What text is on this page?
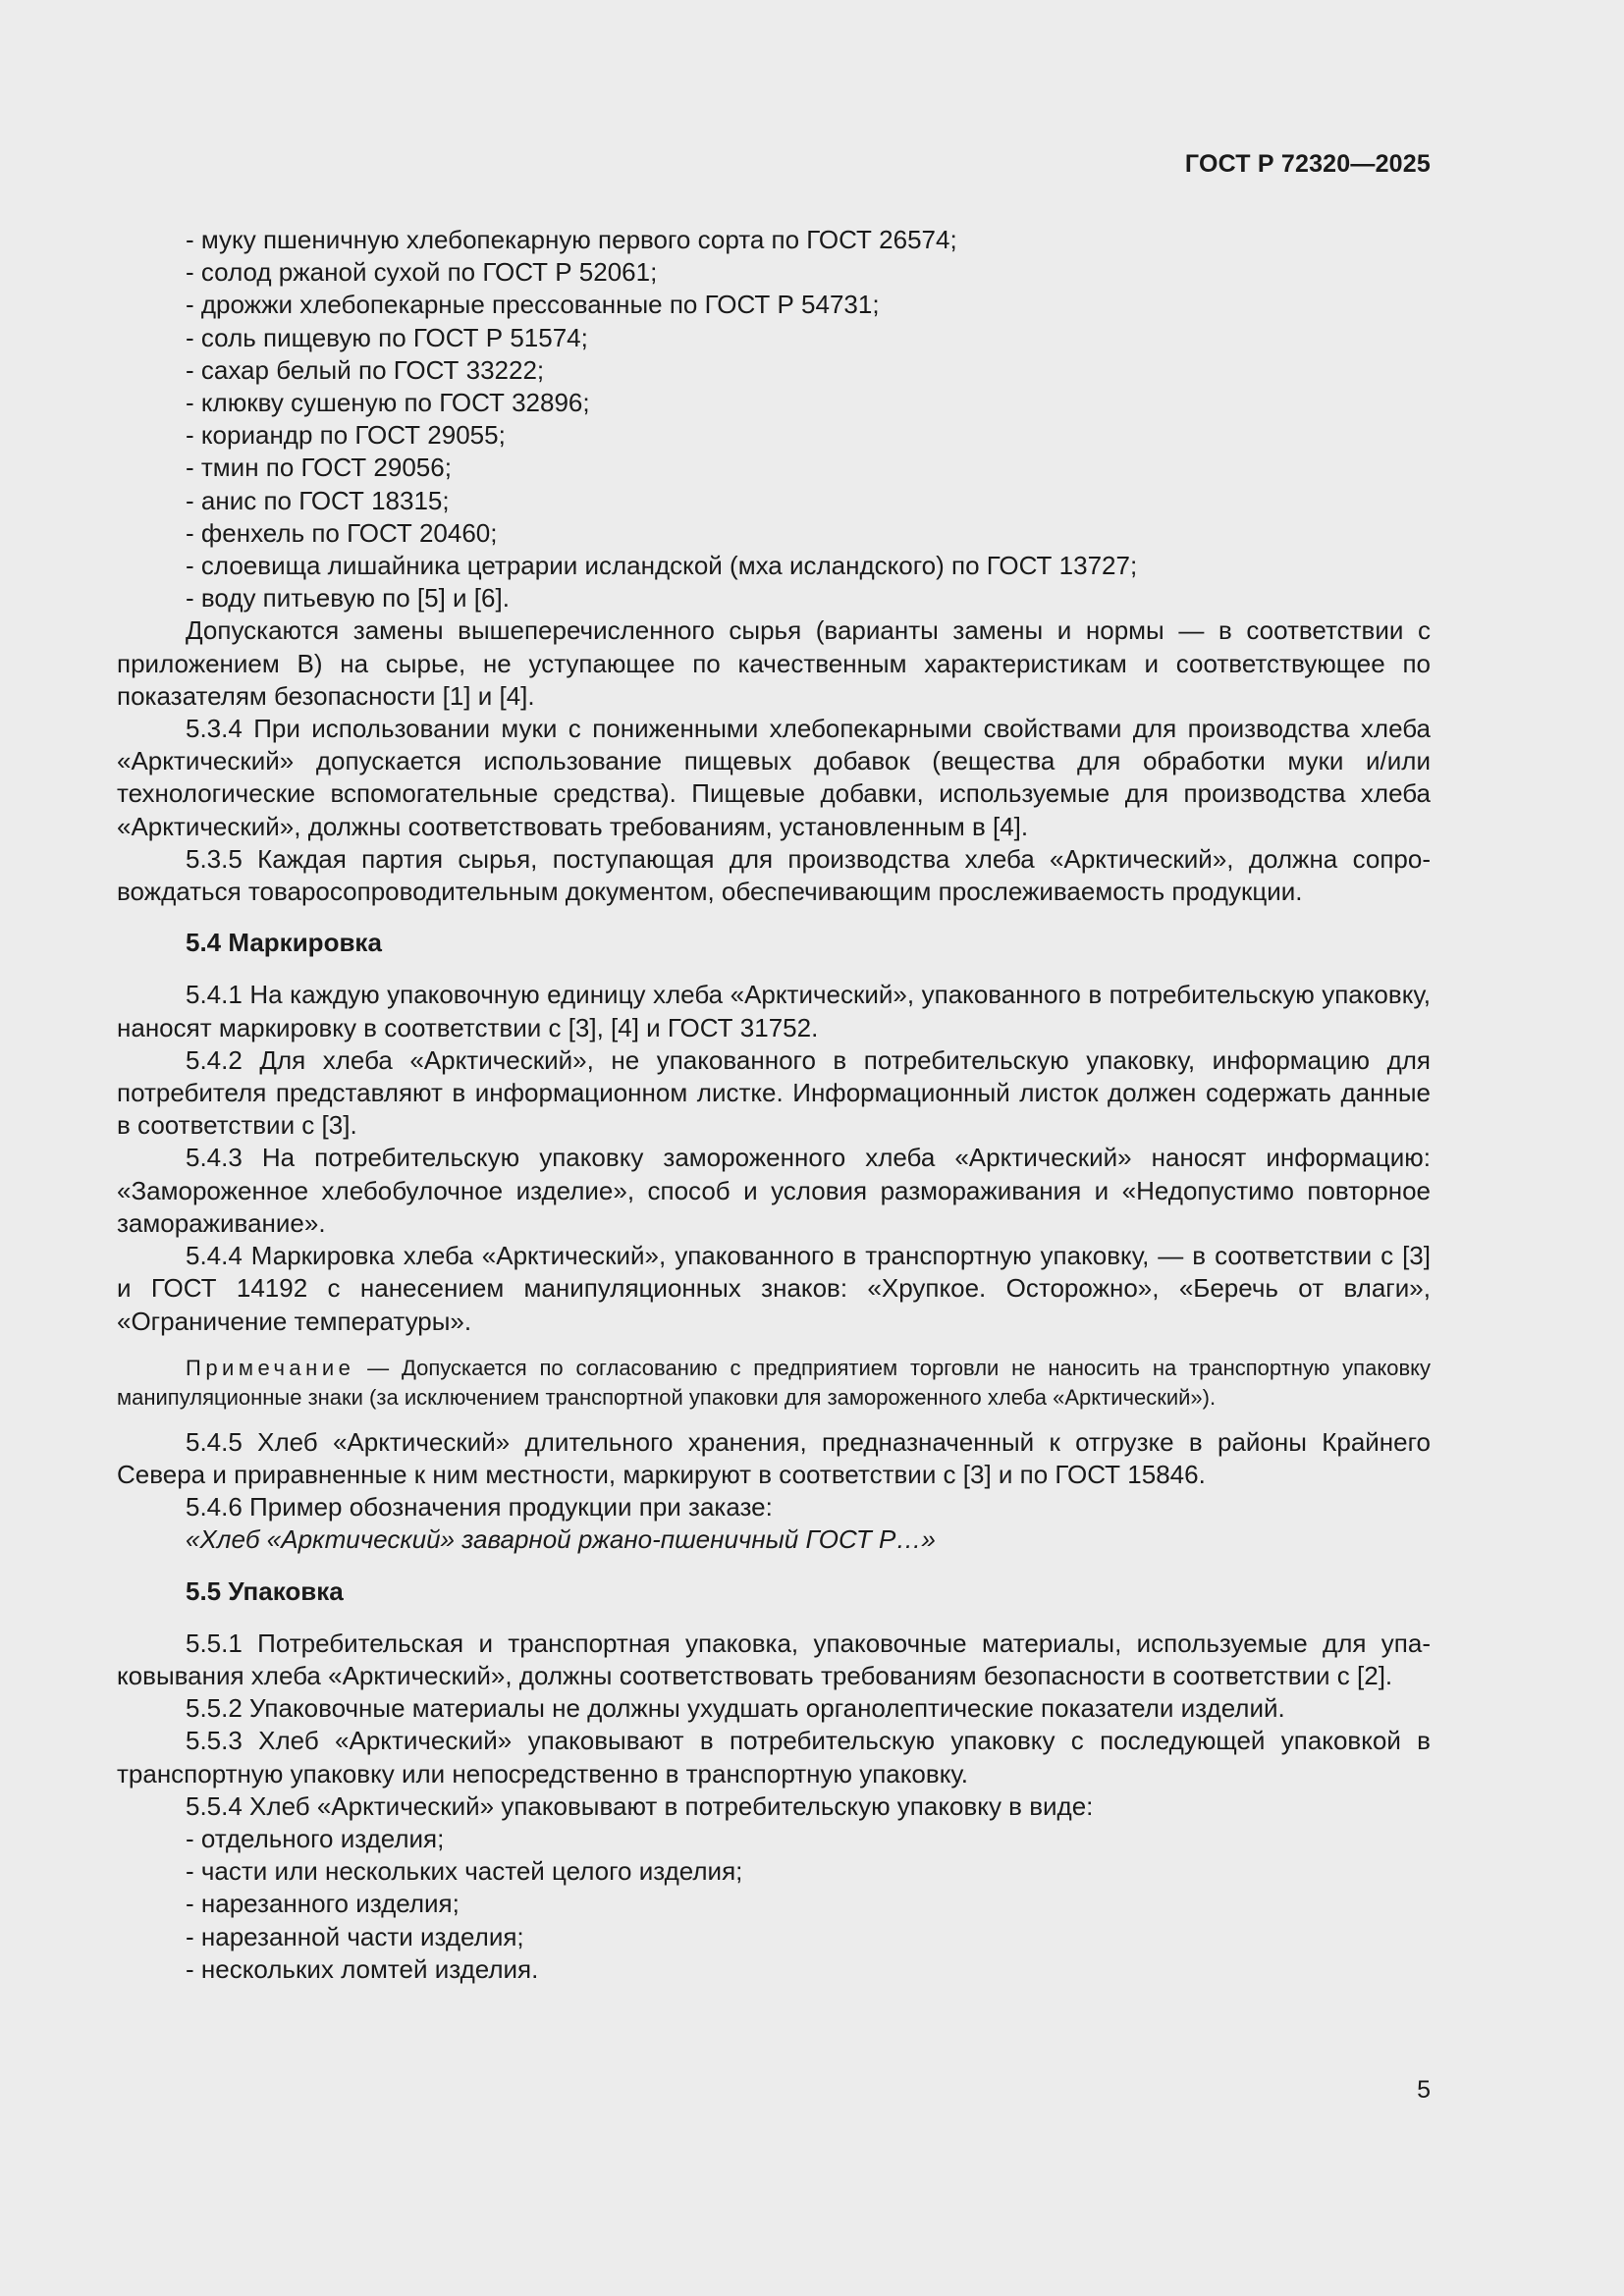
ГОСТ Р 72320—2025
- муку пшеничную хлебопекарную первого сорта по ГОСТ 26574;
- солод ржаной сухой по ГОСТ Р 52061;
- дрожжи хлебопекарные прессованные по ГОСТ Р 54731;
- соль пищевую по ГОСТ Р 51574;
- сахар белый по ГОСТ 33222;
- клюкву сушеную по ГОСТ 32896;
- кориандр по ГОСТ 29055;
- тмин по ГОСТ 29056;
- анис по ГОСТ 18315;
- фенхель по ГОСТ 20460;
- слоевища лишайника цетрарии исландской (мха исландского) по ГОСТ 13727;
- воду питьевую по [5] и [6].

Допускаются замены вышеперечисленного сырья (варианты замены и нормы — в соответствии с приложением В) на сырье, не уступающее по качественным характеристикам и соответствующее по показателям безопасности [1] и [4].

5.3.4 При использовании муки с пониженными хлебопекарными свойствами для производства хлеба «Арктический» допускается использование пищевых добавок (вещества для обработки муки и/или технологические вспомогательные средства). Пищевые добавки, используемые для производства хлеба «Арктический», должны соответствовать требованиям, установленным в [4].

5.3.5 Каждая партия сырья, поступающая для производства хлеба «Арктический», должна сопровождаться товаросопроводительным документом, обеспечивающим прослеживаемость продукции.

5.4 Маркировка

5.4.1 На каждую упаковочную единицу хлеба «Арктический», упакованного в потребительскую упаковку, наносят маркировку в соответствии с [3], [4] и ГОСТ 31752.

5.4.2 Для хлеба «Арктический», не упакованного в потребительскую упаковку, информацию для потребителя представляют в информационном листке. Информационный листок должен содержать данные в соответствии с [3].

5.4.3 На потребительскую упаковку замороженного хлеба «Арктический» наносят информацию: «Замороженное хлебобулочное изделие», способ и условия размораживания и «Недопустимо повторное замораживание».

5.4.4 Маркировка хлеба «Арктический», упакованного в транспортную упаковку, — в соответствии с [3] и ГОСТ 14192 с нанесением манипуляционных знаков: «Хрупкое. Осторожно», «Беречь от влаги», «Ограничение температуры».

Примечание — Допускается по согласованию с предприятием торговли не наносить на транспортную упаковку манипуляционные знаки (за исключением транспортной упаковки для замороженного хлеба «Арктический»).

5.4.5 Хлеб «Арктический» длительного хранения, предназначенный к отгрузке в районы Крайнего Севера и приравненные к ним местности, маркируют в соответствии с [3] и по ГОСТ 15846.

5.4.6 Пример обозначения продукции при заказе:

«Хлеб «Арктический» заварной ржано-пшеничный ГОСТ Р…»
5.5 Упаковка

5.5.1 Потребительская и транспортная упаковка, упаковочные материалы, используемые для упаковывания хлеба «Арктический», должны соответствовать требованиям безопасности в соответствии с [2].

5.5.2 Упаковочные материалы не должны ухудшать органолептические показатели изделий.

5.5.3 Хлеб «Арктический» упаковывают в потребительскую упаковку с последующей упаковкой в транспортную упаковку или непосредственно в транспортную упаковку.

5.5.4 Хлеб «Арктический» упаковывают в потребительскую упаковку в виде:

- отдельного изделия;
- части или нескольких частей целого изделия;
- нарезанного изделия;
- нарезанной части изделия;
- нескольких ломтей изделия.
5
